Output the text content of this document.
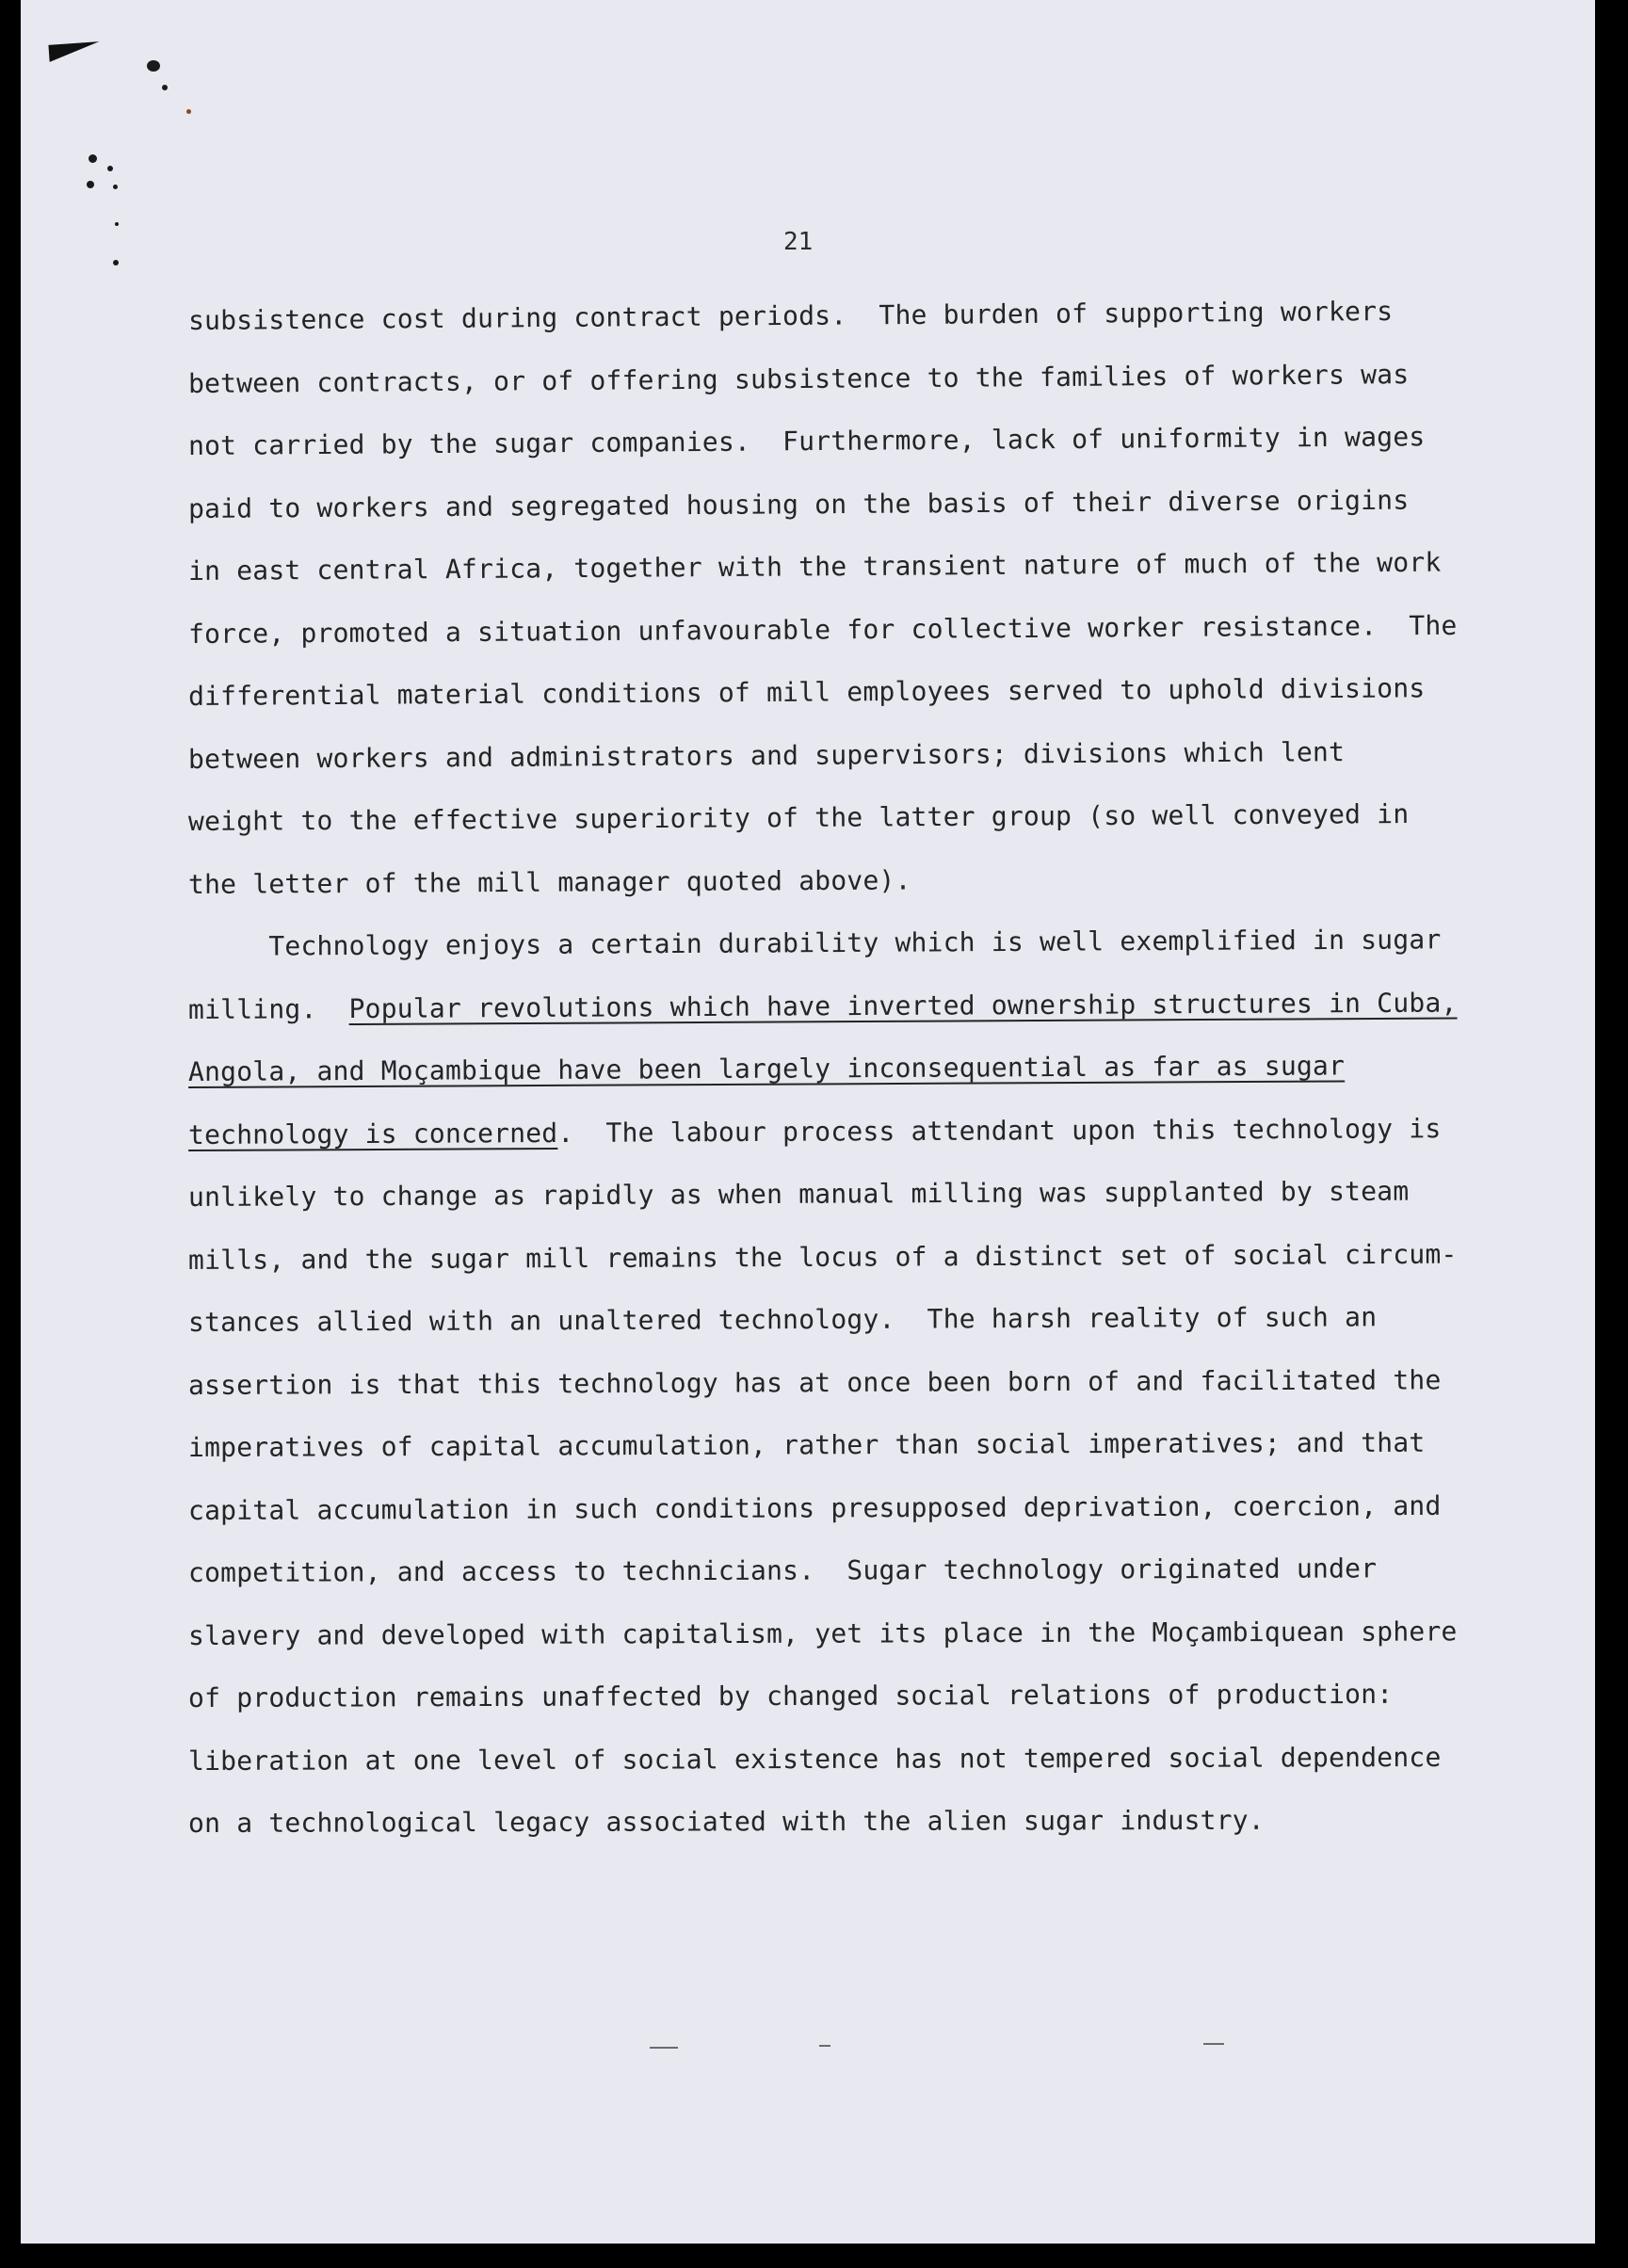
21
subsistence cost during contract periods.  The burden of supporting workers
between contracts, or of offering subsistence to the families of workers was
not carried by the sugar companies.  Furthermore, lack of uniformity in wages
paid to workers and segregated housing on the basis of their diverse origins
in east central Africa, together with the transient nature of much of the work
force, promoted a situation unfavourable for collective worker resistance.  The
differential material conditions of mill employees served to uphold divisions
between workers and administrators and supervisors; divisions which lent
weight to the effective superiority of the latter group (so well conveyed in
the letter of the mill manager quoted above).
Technology enjoys a certain durability which is well exemplified in sugar
milling.  Popular revolutions which have inverted ownership structures in Cuba,
Angola, and Moçambique have been largely inconsequential as far as sugar
technology is concerned.  The labour process attendant upon this technology is
unlikely to change as rapidly as when manual milling was supplanted by steam
mills, and the sugar mill remains the locus of a distinct set of social circum-
stances allied with an unaltered technology.  The harsh reality of such an
assertion is that this technology has at once been born of and facilitated the
imperatives of capital accumulation, rather than social imperatives; and that
capital accumulation in such conditions presupposed deprivation, coercion, and
competition, and access to technicians.  Sugar technology originated under
slavery and developed with capitalism, yet its place in the Moçambiquean sphere
of production remains unaffected by changed social relations of production:
liberation at one level of social existence has not tempered social dependence
on a technological legacy associated with the alien sugar industry.
